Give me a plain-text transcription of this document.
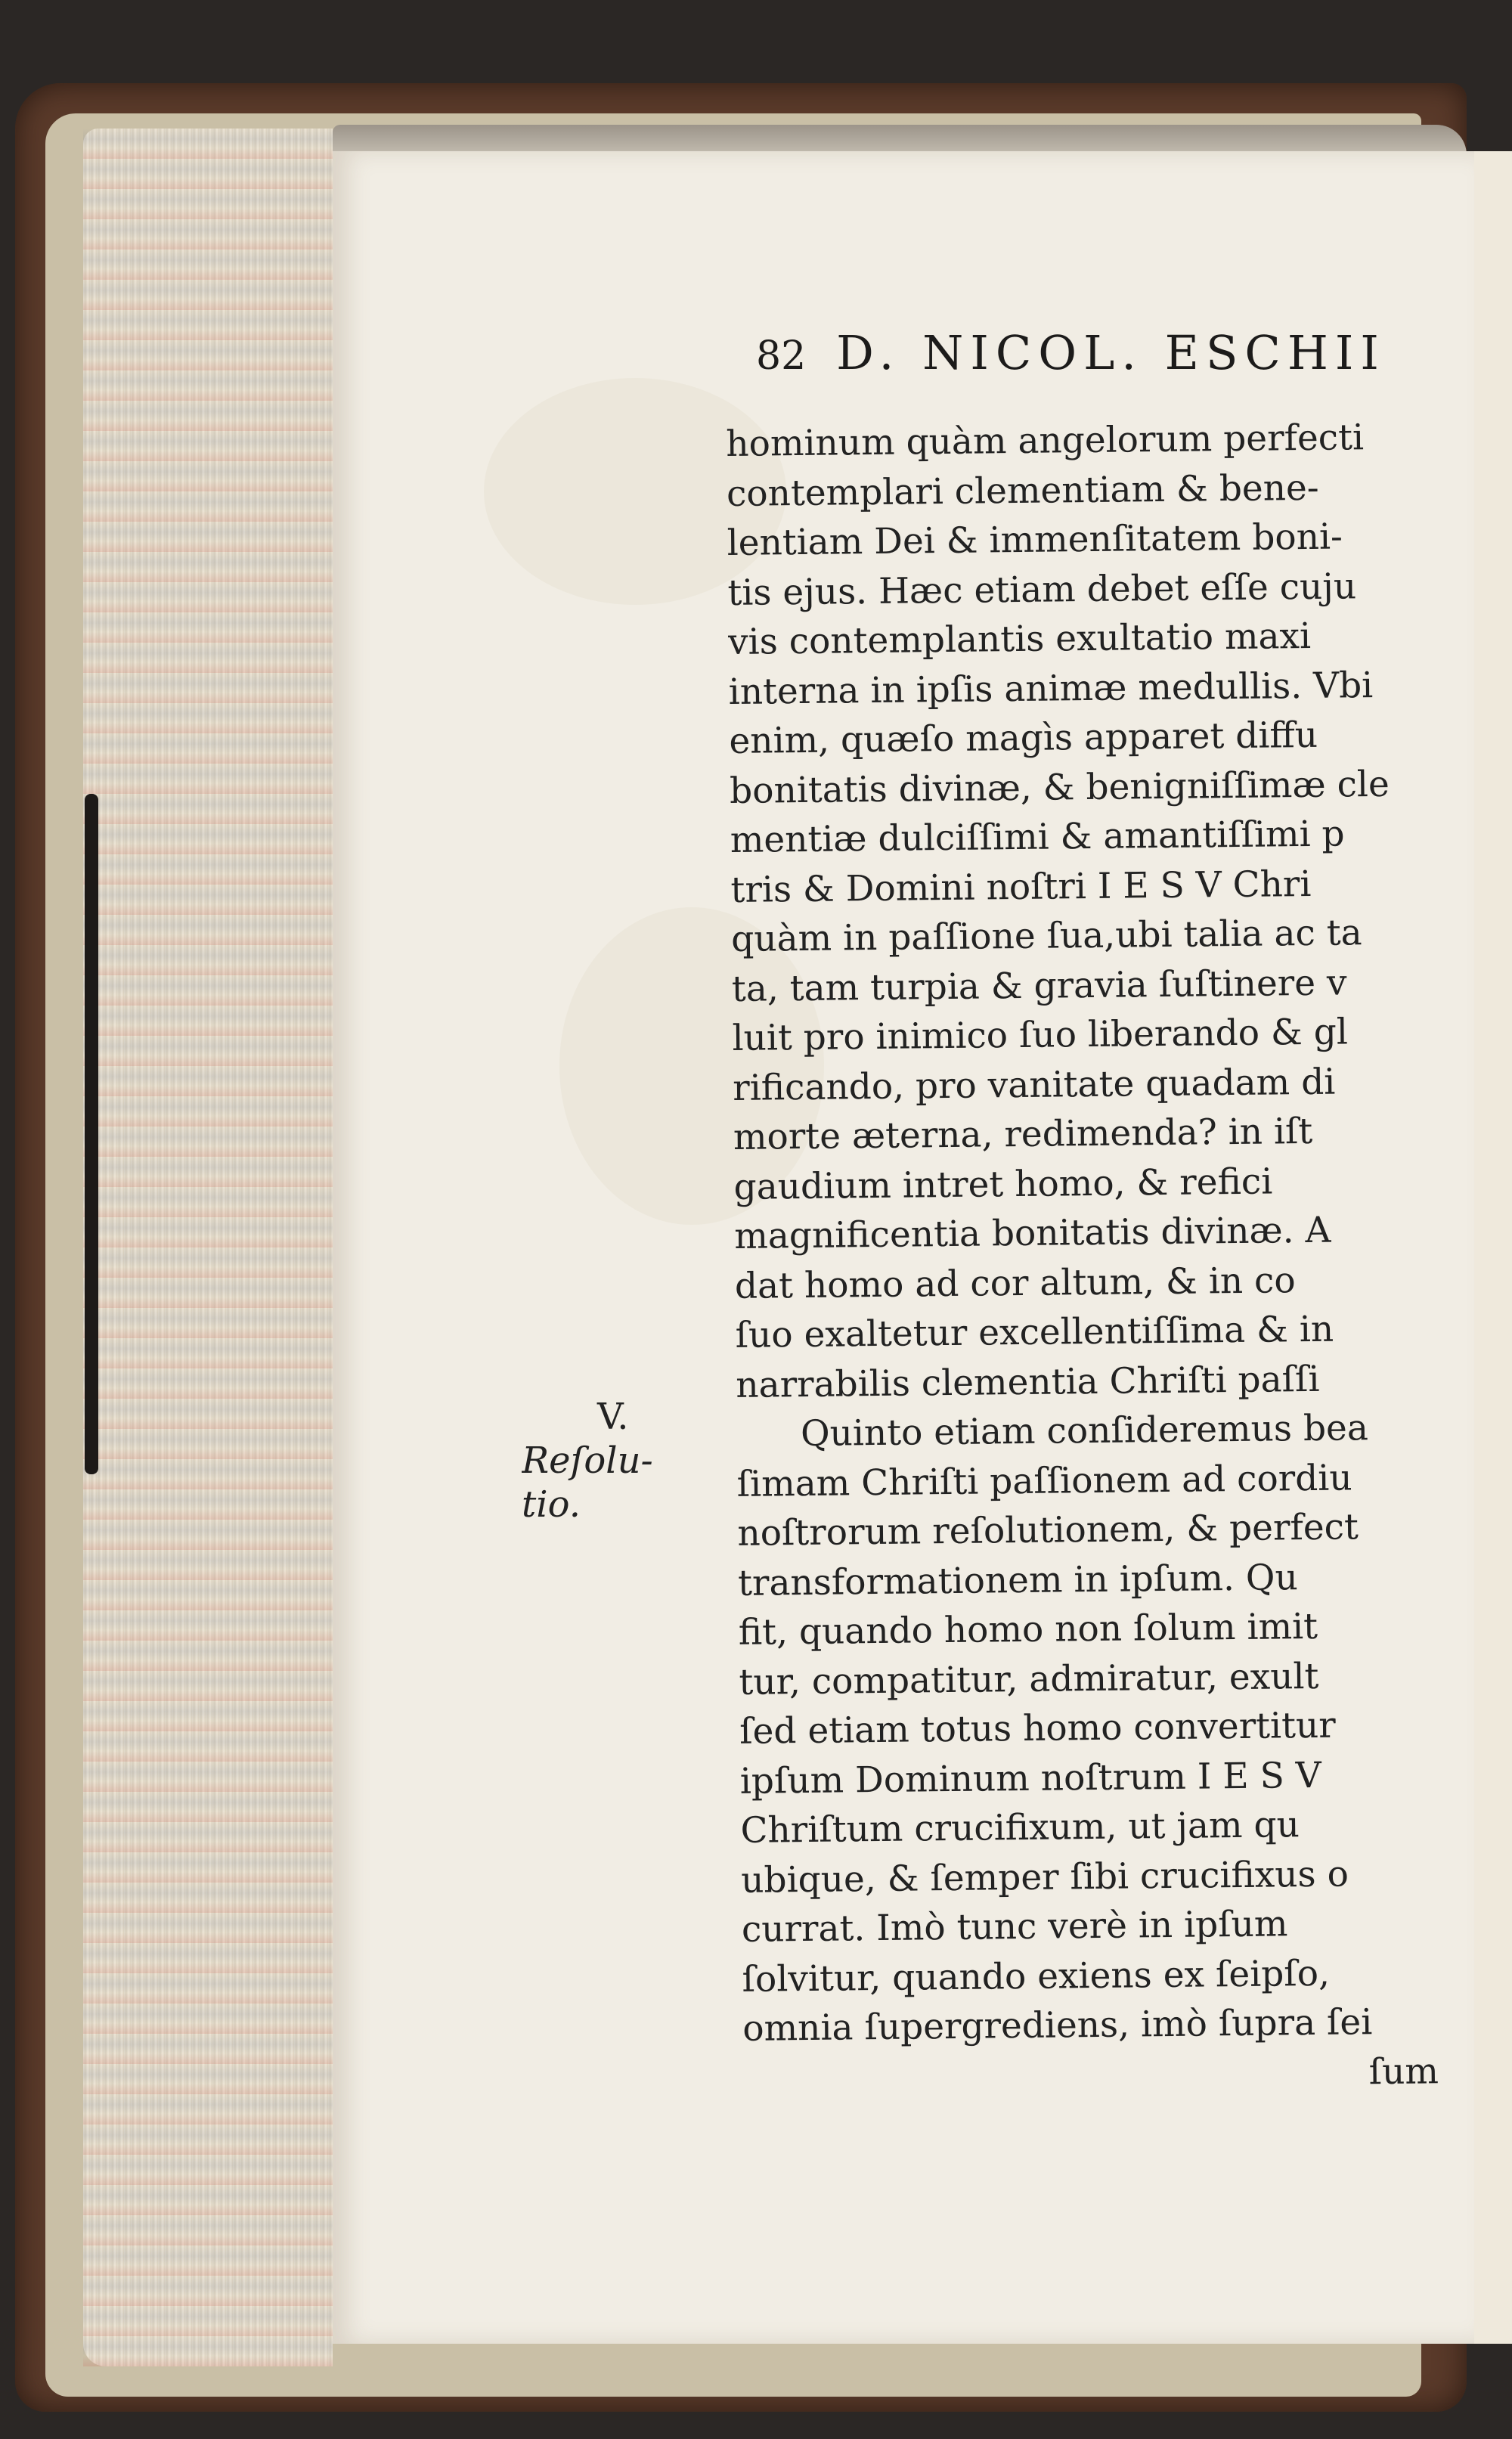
82 D. NICOL. ESCHII
V.
Reſolu-
tio.
hominum quàm angelorum perfecti
contemplari clementiam & bene-
lentiam Dei & immenſitatem boni-
tis ejus. Hæc etiam debet eſſe cuju
vis contemplantis exultatio maxi
interna in ipſis animæ medullis. Vbi
enim, quæſo magìs apparet diffu
bonitatis divinæ, & benigniſſimæ cle
mentiæ dulciſſimi & amantiſſimi p
tris & Domini noſtri I E S V Chri
quàm in paſſione ſua,ubi talia ac ta
ta, tam turpia & gravia ſuſtinere v
luit pro inimico ſuo liberando & gl
rificando, pro vanitate quadam di
morte æterna, redimenda? in iſt
gaudium intret homo, & refici
magnificentia bonitatis divinæ. A
dat homo ad cor altum, & in co
ſuo exaltetur excellentiſſima & in
narrabilis clementia Chriſti paſſi
Quinto etiam conſideremus bea
ſimam Chriſti paſſionem ad cordiu
noſtrorum reſolutionem, & perfect
transformationem in ipſum. Qu
fit, quando homo non ſolum imit
tur, compatitur, admiratur, exult
ſed etiam totus homo convertitur
ipſum Dominum noſtrum I E S V
Chriſtum crucifixum, ut jam qu
ubique, & ſemper ſibi crucifixus o
currat. Imò tunc verè in ipſum
ſolvitur, quando exiens ex ſeipſo,
omnia ſupergrediens, imò ſupra ſei
ſum
